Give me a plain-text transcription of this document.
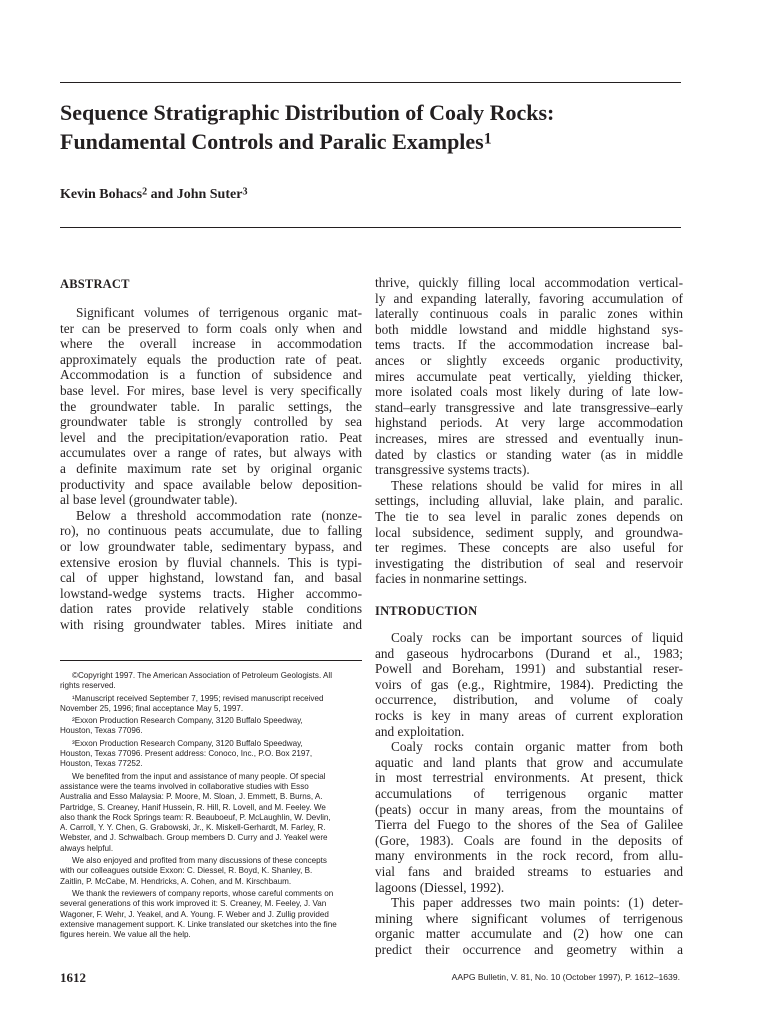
Sequence Stratigraphic Distribution of Coaly Rocks:
Fundamental Controls and Paralic Examples$^1$

Kevin Bohacs$^2$ and John Suter$^3$

ABSTRACT
Significant volumes of terrigenous organic mat-
ter can be preserved to form coals only when and
where the overall increase in accommodation
approximately equals the production rate of peat.
Accommodation is a function of subsidence and
base level. For mires, base level is very specifically
the groundwater table. In paralic settings, the
groundwater table is strongly controlled by sea
level and the precipitation/evaporation ratio. Peat
accumulates over a range of rates, but always with
a definite maximum rate set by original organic
productivity and space available below deposition-
al base level (groundwater table).
Below a threshold accommodation rate (nonze-
ro), no continuous peats accumulate, due to falling
or low groundwater table, sedimentary bypass, and
extensive erosion by fluvial channels. This is typi-
cal of upper highstand, lowstand fan, and basal
lowstand-wedge systems tracts. Higher accommo-
dation rates provide relatively stable conditions
with rising groundwater tables. Mires initiate and
thrive, quickly filling local accommodation vertical-
ly and expanding laterally, favoring accumulation of
laterally continuous coals in paralic zones within
both middle lowstand and middle highstand sys-
tems tracts. If the accommodation increase bal-
ances or slightly exceeds organic productivity,
mires accumulate peat vertically, yielding thicker,
more isolated coals most likely during of late low-
stand–early transgressive and late transgressive–early
highstand periods. At very large accommodation
increases, mires are stressed and eventually inun-
dated by clastics or standing water (as in middle
transgressive systems tracts).
These relations should be valid for mires in all
settings, including alluvial, lake plain, and paralic.
The tie to sea level in paralic zones depends on
local subsidence, sediment supply, and groundwa-
ter regimes. These concepts are also useful for
investigating the distribution of seal and reservoir
facies in nonmarine settings.
INTRODUCTION
Coaly rocks can be important sources of liquid
and gaseous hydrocarbons (Durand et al., 1983;
Powell and Boreham, 1991) and substantial reser-
voirs of gas (e.g., Rightmire, 1984). Predicting the
occurrence, distribution, and volume of coaly
rocks is key in many areas of current exploration
and exploitation.
Coaly rocks contain organic matter from both
aquatic and land plants that grow and accumulate
in most terrestrial environments. At present, thick
accumulations of terrigenous organic matter
(peats) occur in many areas, from the mountains of
Tierra del Fuego to the shores of the Sea of Galilee
(Gore, 1983). Coals are found in the deposits of
many environments in the rock record, from allu-
vial fans and braided streams to estuaries and
lagoons (Diessel, 1992).
This paper addresses two main points: (1) deter-
mining where significant volumes of terrigenous
organic matter accumulate and (2) how one can
predict their occurrence and geometry within a

©Copyright 1997. The American Association of Petroleum Geologists. All
rights reserved.

¹Manuscript received September 7, 1995; revised manuscript received
November 25, 1996; final acceptance May 5, 1997.

²Exxon Production Research Company, 3120 Buffalo Speedway,
Houston, Texas 77096.

³Exxon Production Research Company, 3120 Buffalo Speedway,
Houston, Texas 77096. Present address: Conoco, Inc., P.O. Box 2197,
Houston, Texas 77252.

We benefited from the input and assistance of many people. Of special
assistance were the teams involved in collaborative studies with Esso
Australia and Esso Malaysia: P. Moore, M. Sloan, J. Emmett, B. Burns, A.
Partridge, S. Creaney, Hanif Hussein, R. Hill, R. Lovell, and M. Feeley. We
also thank the Rock Springs team: R. Beauboeuf, P. McLaughlin, W. Devlin,
A. Carroll, Y. Y. Chen, G. Grabowski, Jr., K. Miskell-Gerhardt, M. Farley, R.
Webster, and J. Schwalbach. Group members D. Curry and J. Yeakel were
always helpful.

We also enjoyed and profited from many discussions of these concepts
with our colleagues outside Exxon: C. Diessel, R. Boyd, K. Shanley, B.
Zaitlin, P. McCabe, M. Hendricks, A. Cohen, and M. Kirschbaum.

We thank the reviewers of company reports, whose careful comments on
several generations of this work improved it: S. Creaney, M. Feeley, J. Van
Wagoner, F. Wehr, J. Yeakel, and A. Young. F. Weber and J. Zullig provided
extensive management support. K. Linke translated our sketches into the fine
figures herein. We value all the help.

1612	AAPG Bulletin, V. 81, No. 10 (October 1997), P. 1612–1639.
